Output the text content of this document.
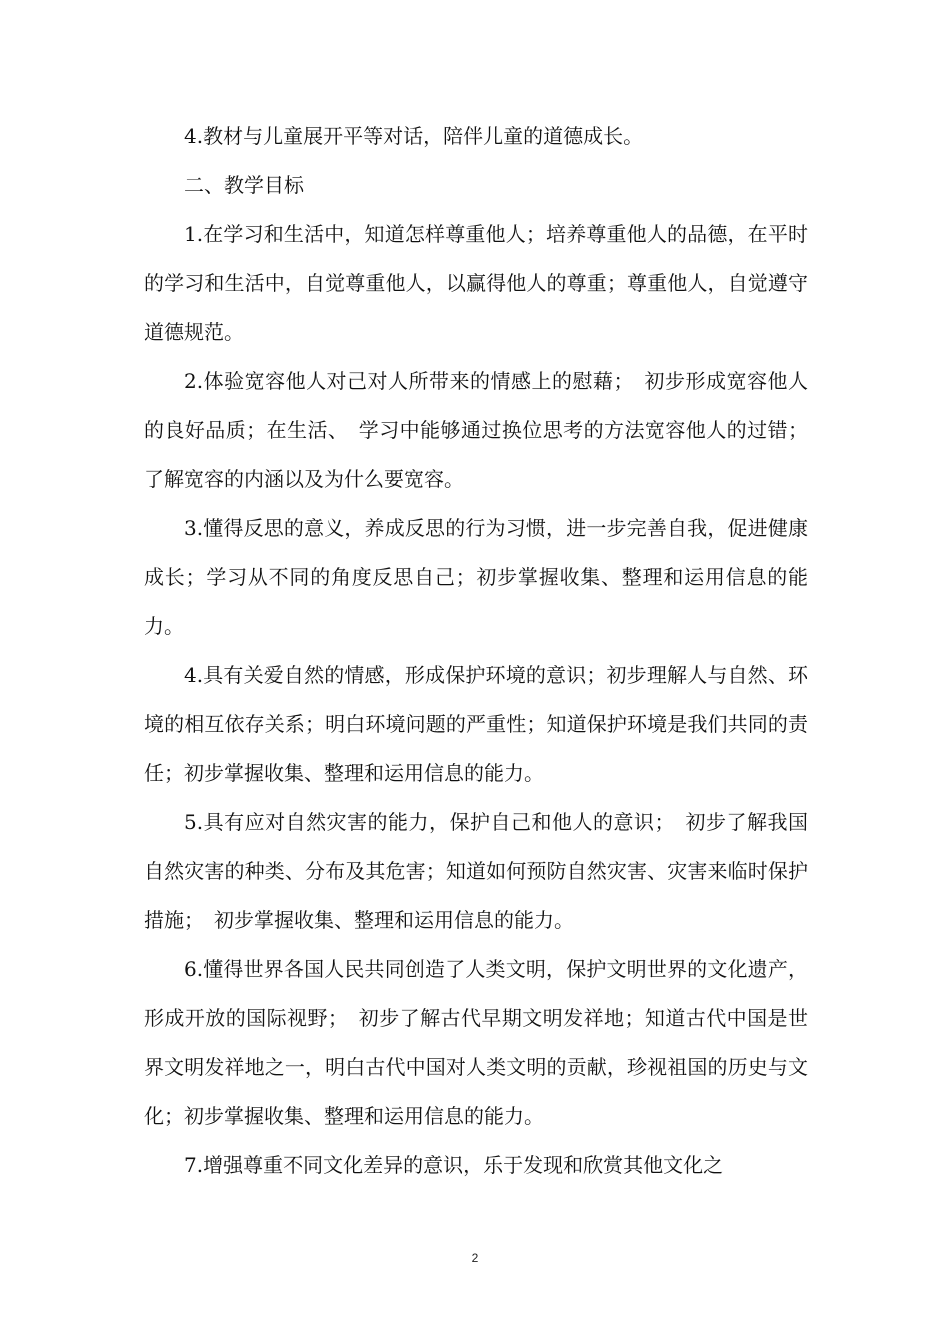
4.教材与儿童展开平等对话，陪伴儿童的道德成长。

二、教学目标

1.在学习和生活中，知道怎样尊重他人；培养尊重他人的品德，在平时的学习和生活中，自觉尊重他人，以赢得他人的尊重；尊重他人，自觉遵守道德规范。

2.体验宽容他人对己对人所带来的情感上的慰藉；　初步形成宽容他人的良好品质；在生活、　学习中能够通过换位思考的方法宽容他人的过错；了解宽容的内涵以及为什么要宽容。

3.懂得反思的意义，养成反思的行为习惯，进一步完善自我，促进健康成长；学习从不同的角度反思自己；初步掌握收集、整理和运用信息的能力。

4.具有关爱自然的情感，形成保护环境的意识；初步理解人与自然、环境的相互依存关系；明白环境问题的严重性；知道保护环境是我们共同的责任；初步掌握收集、整理和运用信息的能力。

5.具有应对自然灾害的能力，保护自己和他人的意识；　初步了解我国自然灾害的种类、分布及其危害；知道如何预防自然灾害、灾害来临时保护措施；　初步掌握收集、整理和运用信息的能力。

6.懂得世界各国人民共同创造了人类文明，保护文明世界的文化遗产，形成开放的国际视野；　初步了解古代早期文明发祥地；知道古代中国是世界文明发祥地之一，明白古代中国对人类文明的贡献，珍视祖国的历史与文化；初步掌握收集、整理和运用信息的能力。

7.增强尊重不同文化差异的意识，乐于发现和欣赏其他文化之

2
